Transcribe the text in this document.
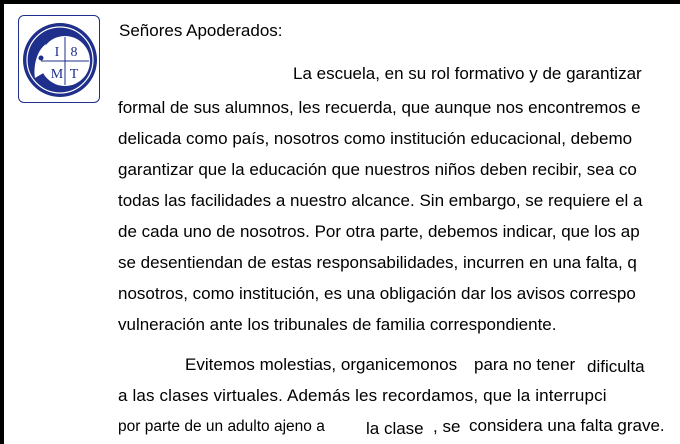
I 8
M T
Señores Apoderados:
La escuela, en su rol formativo y de garantizar
formal de sus alumnos, les recuerda, que aunque nos encontremos e
delicada como país, nosotros como institución educacional, debemo
garantizar que la educación que nuestros niños deben recibir, sea co
todas las facilidades a nuestro alcance. Sin embargo, se requiere el a
de cada uno de nosotros. Por otra parte, debemos indicar, que los ap
se desentiendan de estas responsabilidades, incurren en una falta, q
nosotros, como institución, es una obligación dar los avisos correspo
vulneración ante los tribunales de familia correspondiente.
Evitemos molestias, organicemonos para no tener dificulta
a las clases virtuales. Además les recordamos, que la interrupci
por parte de un adulto ajeno a la clase , se considera una falta grave.
